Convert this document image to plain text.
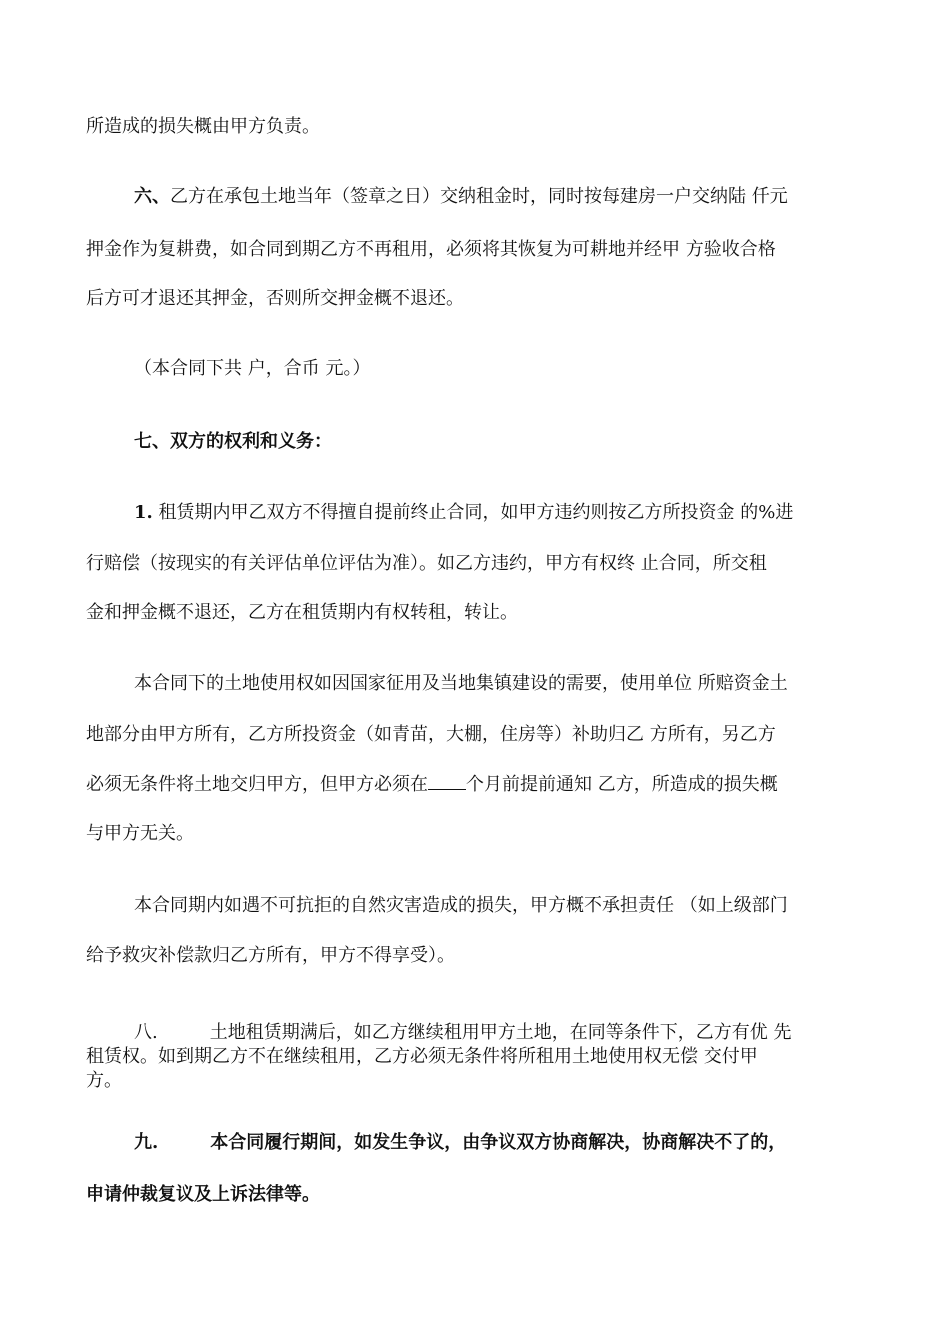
所造成的损失概由甲方负责。
六、乙方在承包土地当年（签章之日）交纳租金时，同时按每建房一户交纳陆 仟元
押金作为复耕费，如合同到期乙方不再租用，必须将其恢复为可耕地并经甲 方验收合格
后方可才退还其押金，否则所交押金概不退还。
（本合同下共 户，合币 元。）
七、双方的权利和义务：
1. 租赁期内甲乙双方不得擅自提前终止合同，如甲方违约则按乙方所投资金 的%进
行赔偿（按现实的有关评估单位评估为准）。如乙方违约，甲方有权终 止合同，所交租
金和押金概不退还，乙方在租赁期内有权转租，转让。
本合同下的土地使用权如因国家征用及当地集镇建设的需要，使用单位 所赔资金土
地部分由甲方所有，乙方所投资金（如青苗，大棚，住房等）补助归乙 方所有，另乙方
必须无条件将土地交归甲方，但甲方必须在 个月前提前通知 乙方，所造成的损失概
与甲方无关。
本合同期内如遇不可抗拒的自然灾害造成的损失，甲方概不承担责任 （如上级部门
给予救灾补偿款归乙方所有，甲方不得享受）。
八.	土地租赁期满后，如乙方继续租用甲方土地，在同等条件下，乙方有优 先
租赁权。如到期乙方不在继续租用，乙方必须无条件将所租用土地使用权无偿 交付甲
方。
九.	本合同履行期间，如发生争议，由争议双方协商解决，协商解决不了的，
申请仲裁复议及上诉法律等。
